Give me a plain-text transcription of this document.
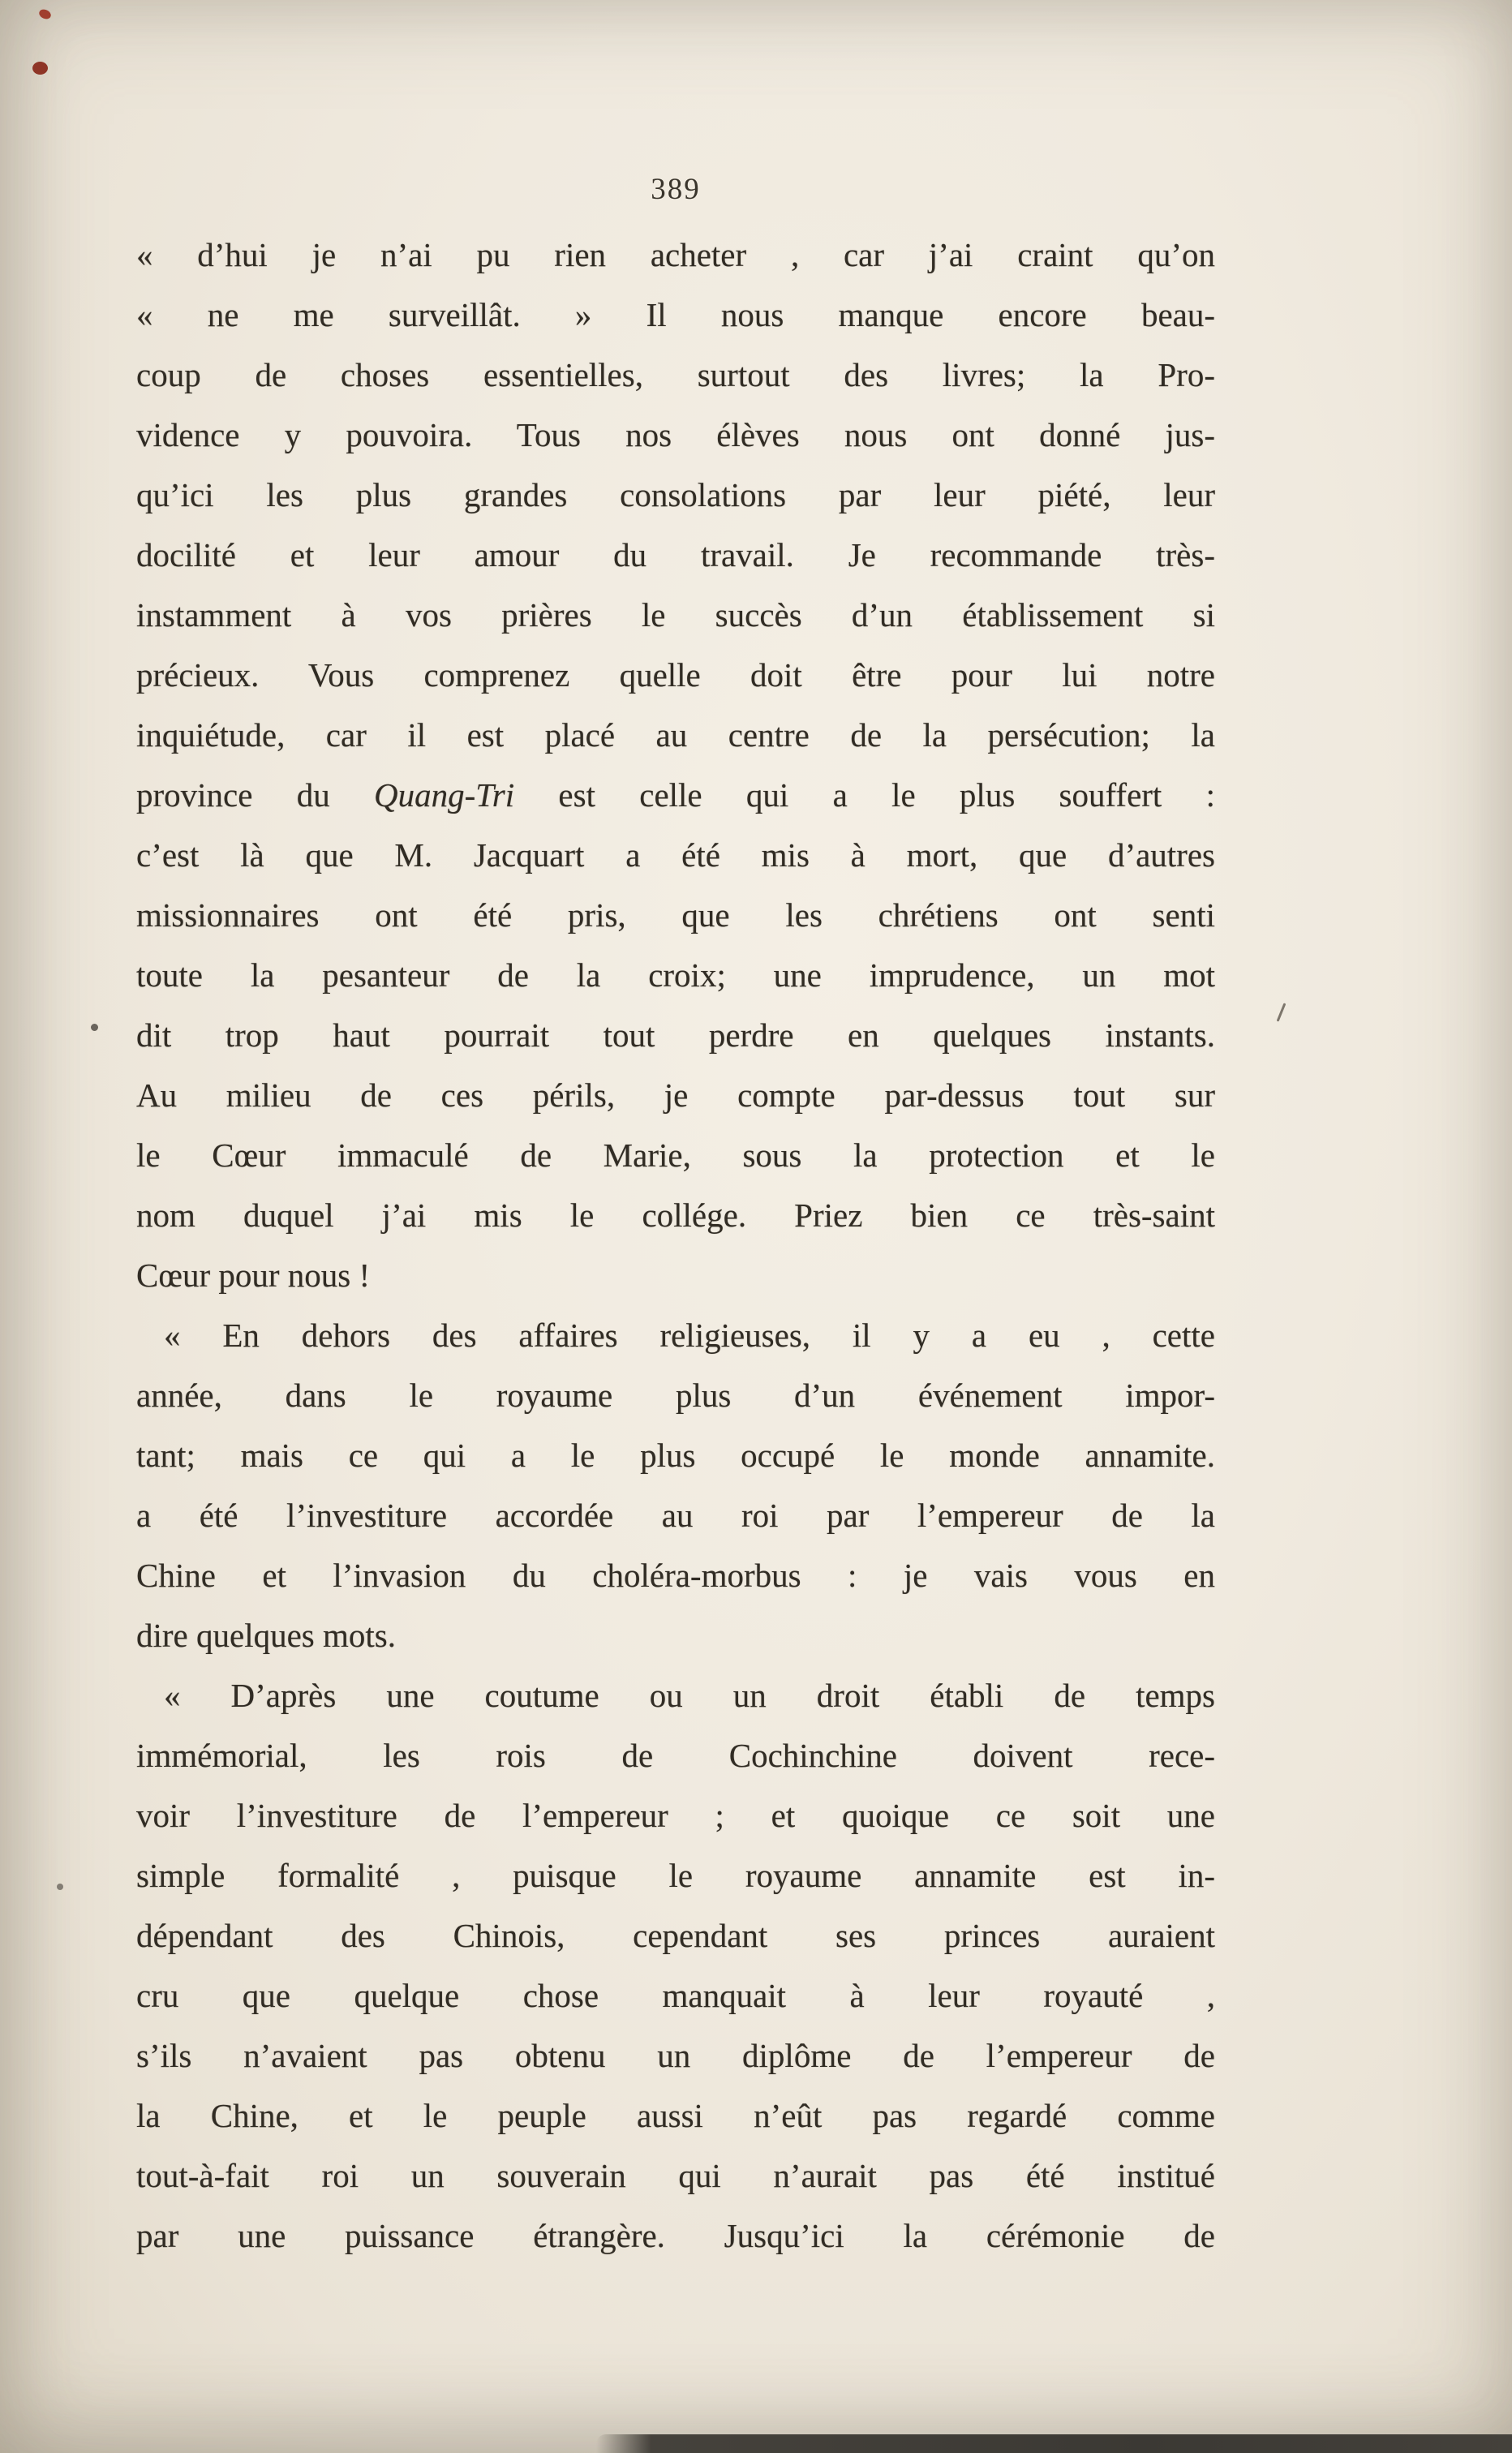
389
« d’hui je n’ai pu rien acheter , car j’ai craint qu’on
« ne me surveillât. » Il nous manque encore beau-
coup de choses essentielles, surtout des livres; la Pro-
vidence y pouvoira. Tous nos élèves nous ont donné jus-
qu’ici les plus grandes consolations par leur piété, leur
docilité et leur amour du travail. Je recommande très-
instamment à vos prières le succès d’un établissement si
précieux. Vous comprenez quelle doit être pour lui notre
inquiétude, car il est placé au centre de la persécution; la
province du Quang-Tri est celle qui a le plus souffert :
c’est là que M. Jacquart a été mis à mort, que d’autres
missionnaires ont été pris, que les chrétiens ont senti
toute la pesanteur de la croix; une imprudence, un mot
dit trop haut pourrait tout perdre en quelques instants.
Au milieu de ces périls, je compte par-dessus tout sur
le Cœur immaculé de Marie, sous la protection et le
nom duquel j’ai mis le collége. Priez bien ce très-saint
Cœur pour nous !
« En dehors des affaires religieuses, il y a eu , cette
année, dans le royaume plus d’un événement impor-
tant; mais ce qui a le plus occupé le monde annamite.
a été l’investiture accordée au roi par l’empereur de la
Chine et l’invasion du choléra-morbus : je vais vous en
dire quelques mots.
« D’après une coutume ou un droit établi de temps
immémorial, les rois de Cochinchine doivent rece-
voir l’investiture de l’empereur ; et quoique ce soit une
simple formalité , puisque le royaume annamite est in-
dépendant des Chinois, cependant ses princes auraient
cru que quelque chose manquait à leur royauté ,
s’ils n’avaient pas obtenu un diplôme de l’empereur de
la Chine, et le peuple aussi n’eût pas regardé comme
tout-à-fait roi un souverain qui n’aurait pas été institué
par une puissance étrangère. Jusqu’ici la cérémonie de
